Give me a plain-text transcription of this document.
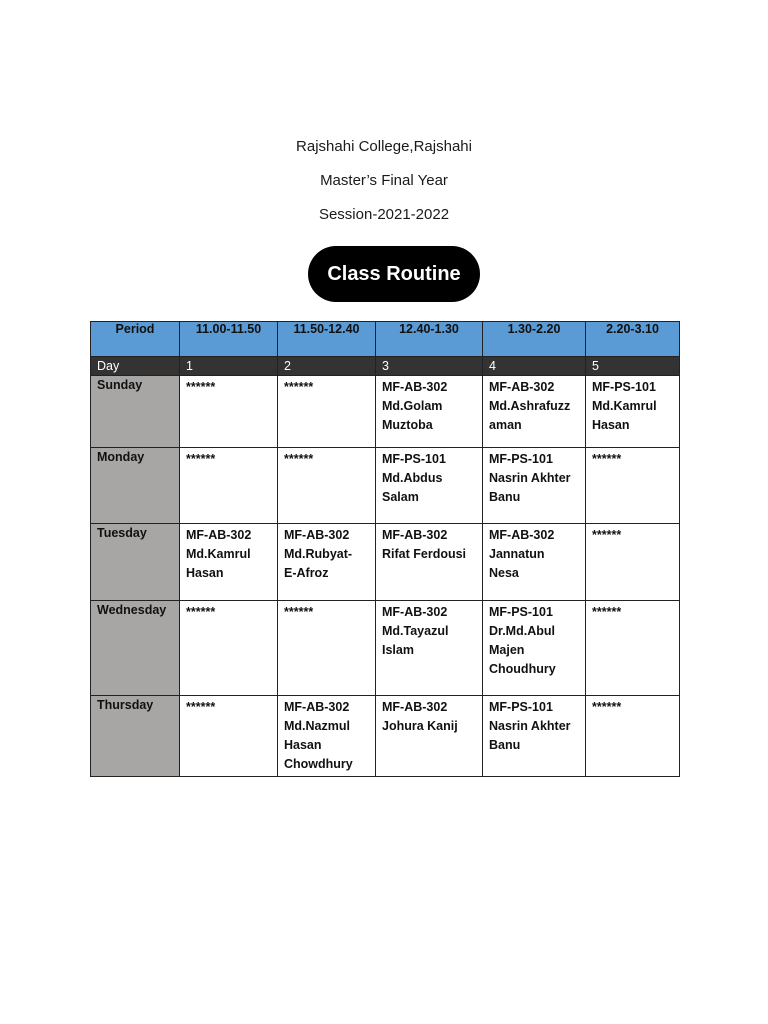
Rajshahi College,Rajshahi
Master’s Final Year
Session-2021-2022
Class Routine
Period	11.00-11.50	11.50-12.40	12.40-1.30	1.30-2.20	2.20-3.10
Day	1	2	3	4	5
Sunday	******	******	MF-AB-302
Md.Golam
Muztoba	MF-AB-302
Md.Ashrafuzz
aman	MF-PS-101
Md.Kamrul
Hasan

Monday	******	******	MF-PS-101
Md.Abdus
Salam	MF-PS-101
Nasrin Akhter
Banu	******

Tuesday	MF-AB-302
Md.Kamrul
Hasan	MF-AB-302
Md.Rubyat-
E-Afroz	MF-AB-302
Rifat Ferdousi	MF-AB-302
Jannatun
Nesa	******

Wednesday	******	******	MF-AB-302
Md.Tayazul
Islam	MF-PS-101
Dr.Md.Abul
Majen
Choudhury	******

Thursday	******	MF-AB-302
Md.Nazmul
Hasan
Chowdhury	MF-AB-302
Johura Kanij	MF-PS-101
Nasrin Akhter
Banu	******
